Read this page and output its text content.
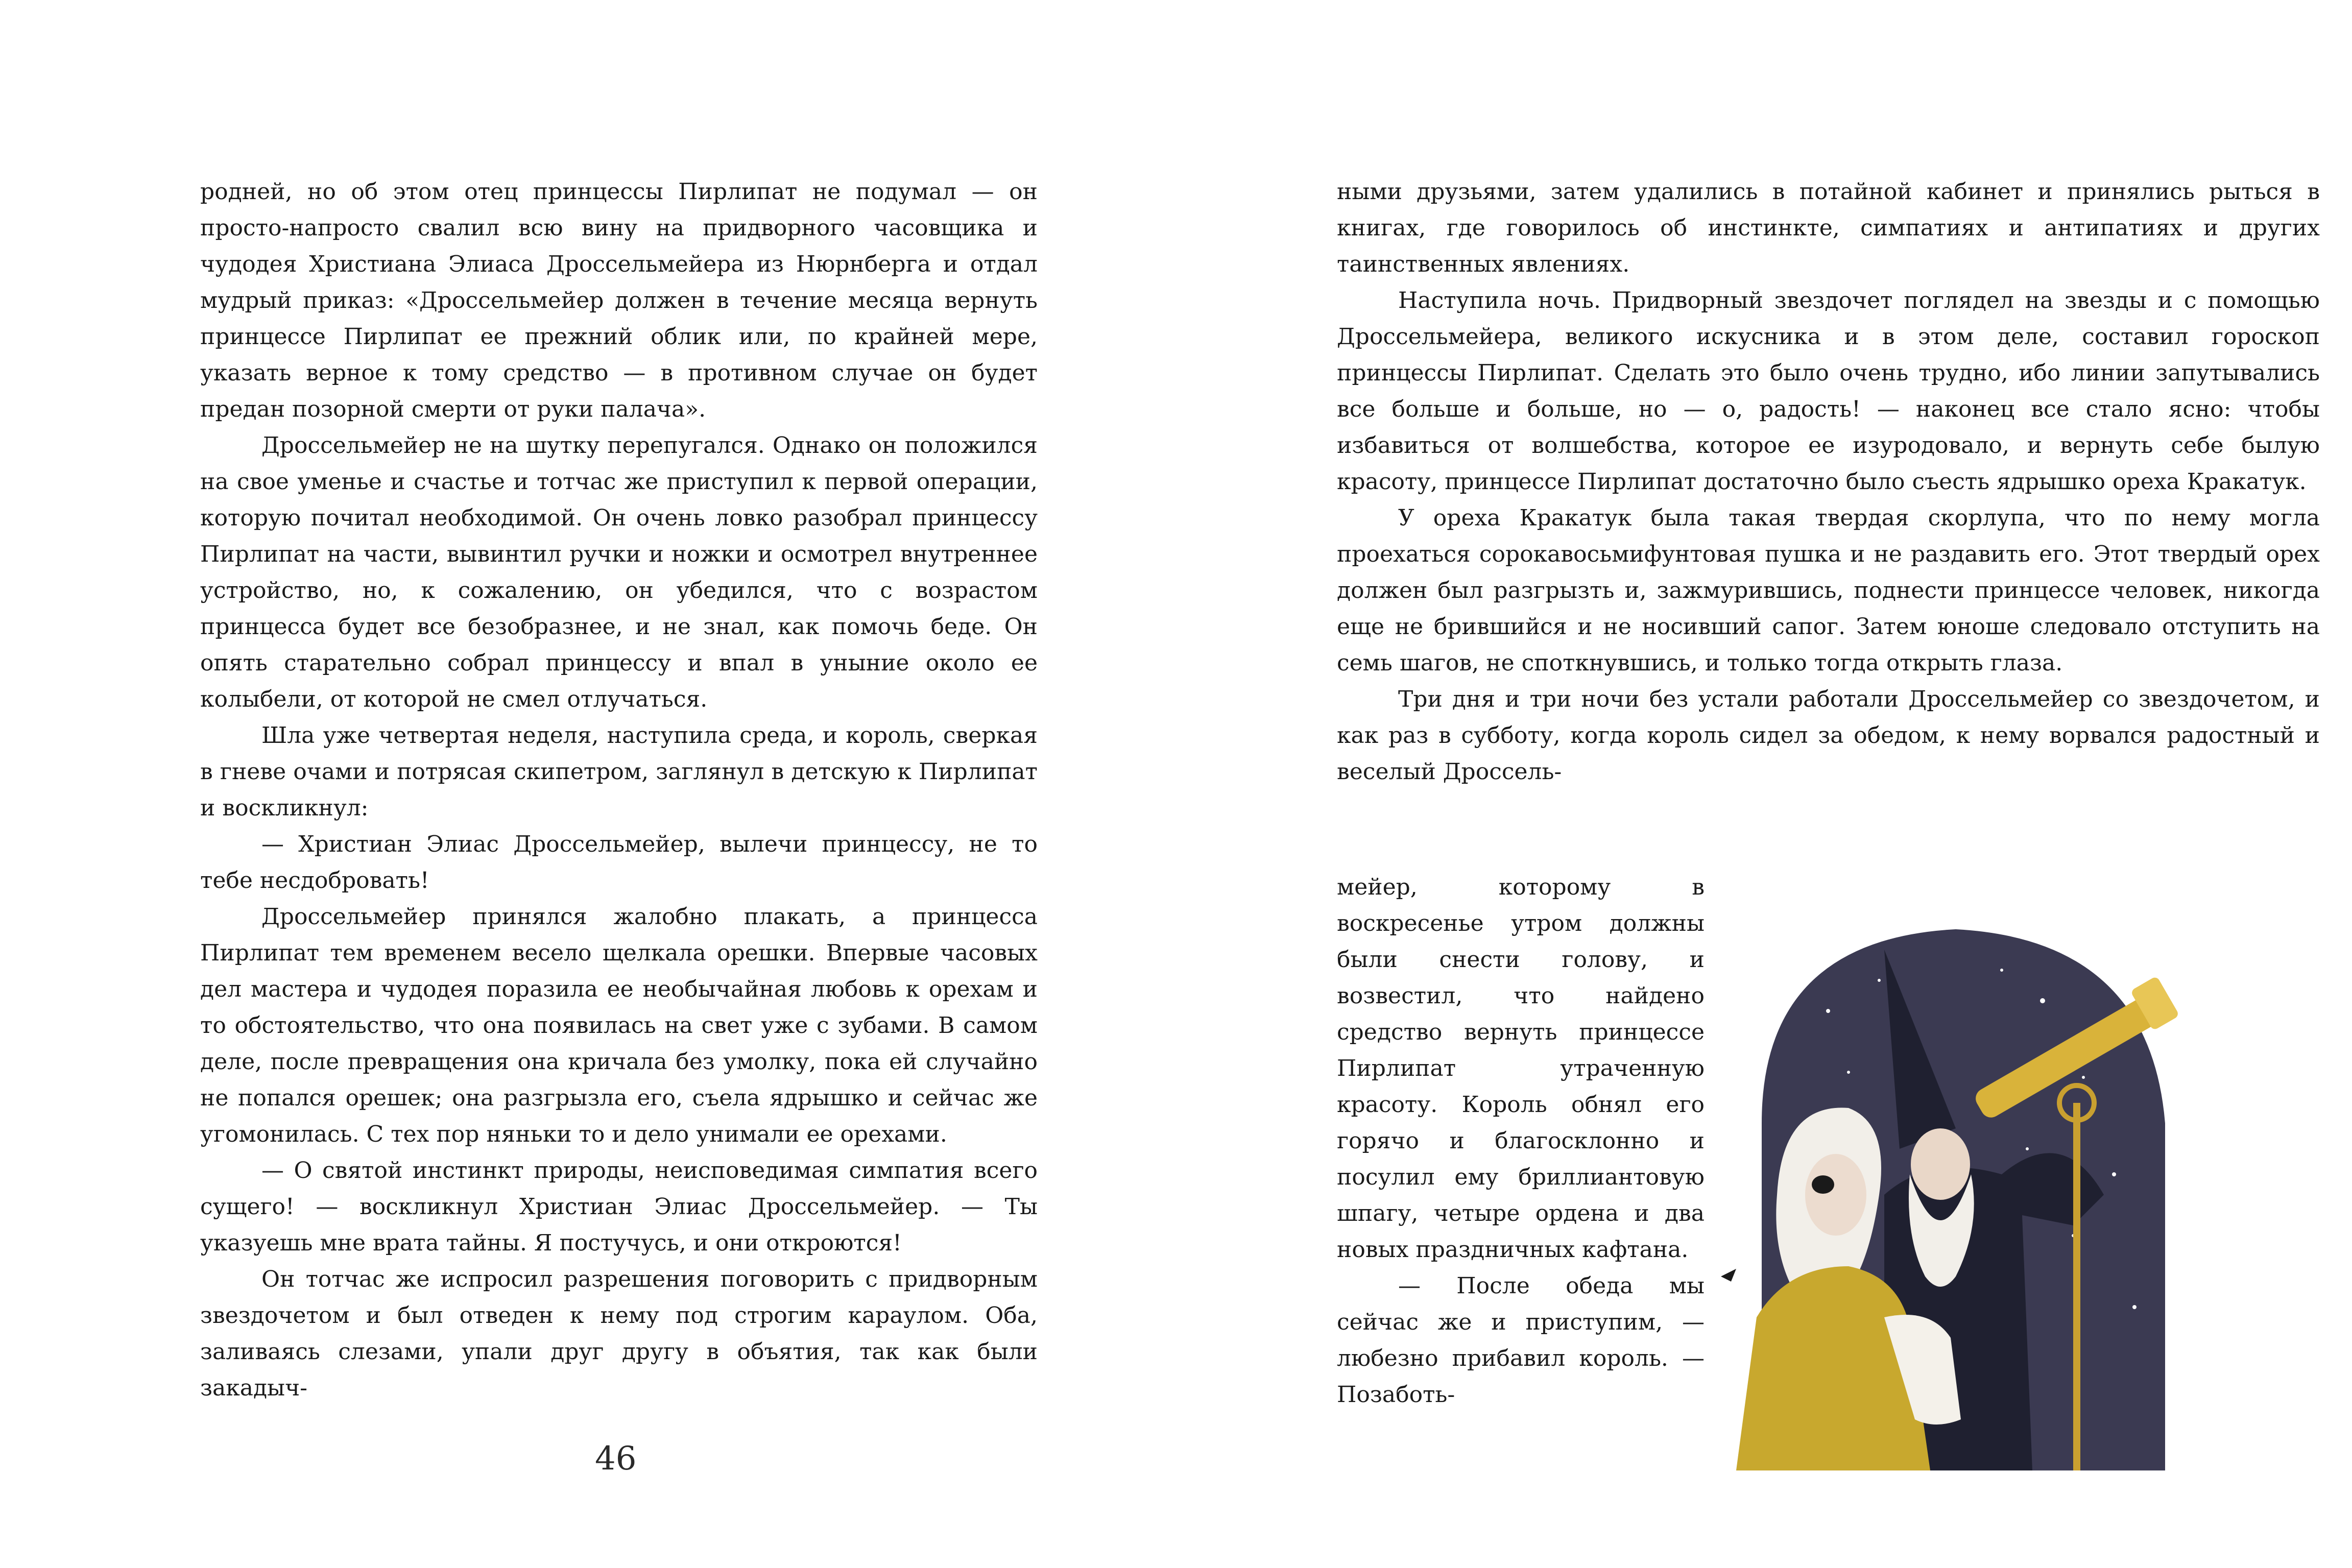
родней, но об этом отец принцессы Пирлипат не подумал — он просто-напросто свалил всю вину на придворного часовщика и чудодея Христиана Элиаса Дроссельмейера из Нюрнберга и отдал мудрый приказ: «Дроссельмейер должен в течение месяца вернуть принцессе Пирлипат ее прежний облик или, по крайней мере, указать верное к тому средство — в противном случае он будет предан позорной смерти от руки палача».

Дроссельмейер не на шутку перепугался. Однако он положился на свое уменье и счастье и тотчас же приступил к первой операции, которую почитал необходимой. Он очень ловко разобрал принцессу Пирлипат на части, вывинтил ручки и ножки и осмотрел внутреннее устройство, но, к сожалению, он убедился, что с возрастом принцесса будет все безобразнее, и не знал, как помочь беде. Он опять старательно собрал принцессу и впал в уныние около ее колыбели, от которой не смел отлучаться.

Шла уже четвертая неделя, наступила среда, и король, сверкая в гневе очами и потрясая скипетром, заглянул в детскую к Пирлипат и воскликнул:

— Христиан Элиас Дроссельмейер, вылечи принцессу, не то тебе несдобровать!

Дроссельмейер принялся жалобно плакать, а принцесса Пирлипат тем временем весело щелкала орешки. Впервые часовых дел мастера и чудодея поразила ее необычайная любовь к орехам и то обстоятельство, что она появилась на свет уже с зубами. В самом деле, после превращения она кричала без умолку, пока ей случайно не попался орешек; она разгрызла его, съела ядрышко и сейчас же угомонилась. С тех пор няньки то и дело унимали ее орехами.

— О святой инстинкт природы, неисповедимая симпатия всего сущего! — воскликнул Христиан Элиас Дроссельмейер. — Ты указуешь мне врата тайны. Я постучусь, и они откроются!

Он тотчас же испросил разрешения поговорить с придворным звездочетом и был отведен к нему под строгим караулом. Оба, заливаясь слезами, упали друг другу в объятия, так как были закадыч-

46

ными друзьями, затем удалились в потайной кабинет и принялись рыться в книгах, где говорилось об инстинкте, симпатиях и антипатиях и других таинственных явлениях.

Наступила ночь. Придворный звездочет поглядел на звезды и с помощью Дроссельмейера, великого искусника и в этом деле, составил гороскоп принцессы Пирлипат. Сделать это было очень трудно, ибо линии запутывались все больше и больше, но — о, радость! — наконец все стало ясно: чтобы избавиться от волшебства, которое ее изуродовало, и вернуть себе былую красоту, принцессе Пирлипат достаточно было съесть ядрышко ореха Кракатук.

У ореха Кракатук была такая твердая скорлупа, что по нему могла проехаться сорокавосьмифунтовая пушка и не раздавить его. Этот твердый орех должен был разгрызть и, зажмурившись, поднести принцессе человек, никогда еще не брившийся и не носивший сапог. Затем юноше следовало отступить на семь шагов, не споткнувшись, и только тогда открыть глаза.

Три дня и три ночи без устали работали Дроссельмейер со звездочетом, и как раз в субботу, когда король сидел за обедом, к нему ворвался радостный и веселый Дроссель-

мейер, которому в воскресенье утром должны были снести голову, и возвестил, что найдено средство вернуть принцессе Пирлипат утраченную красоту. Король обнял его горячо и благосклонно и посулил ему бриллиантовую шпагу, четыре ордена и два новых праздничных кафтана.

— После обеда мы сейчас же и приступим, — любезно прибавил король. — Позаботь-
